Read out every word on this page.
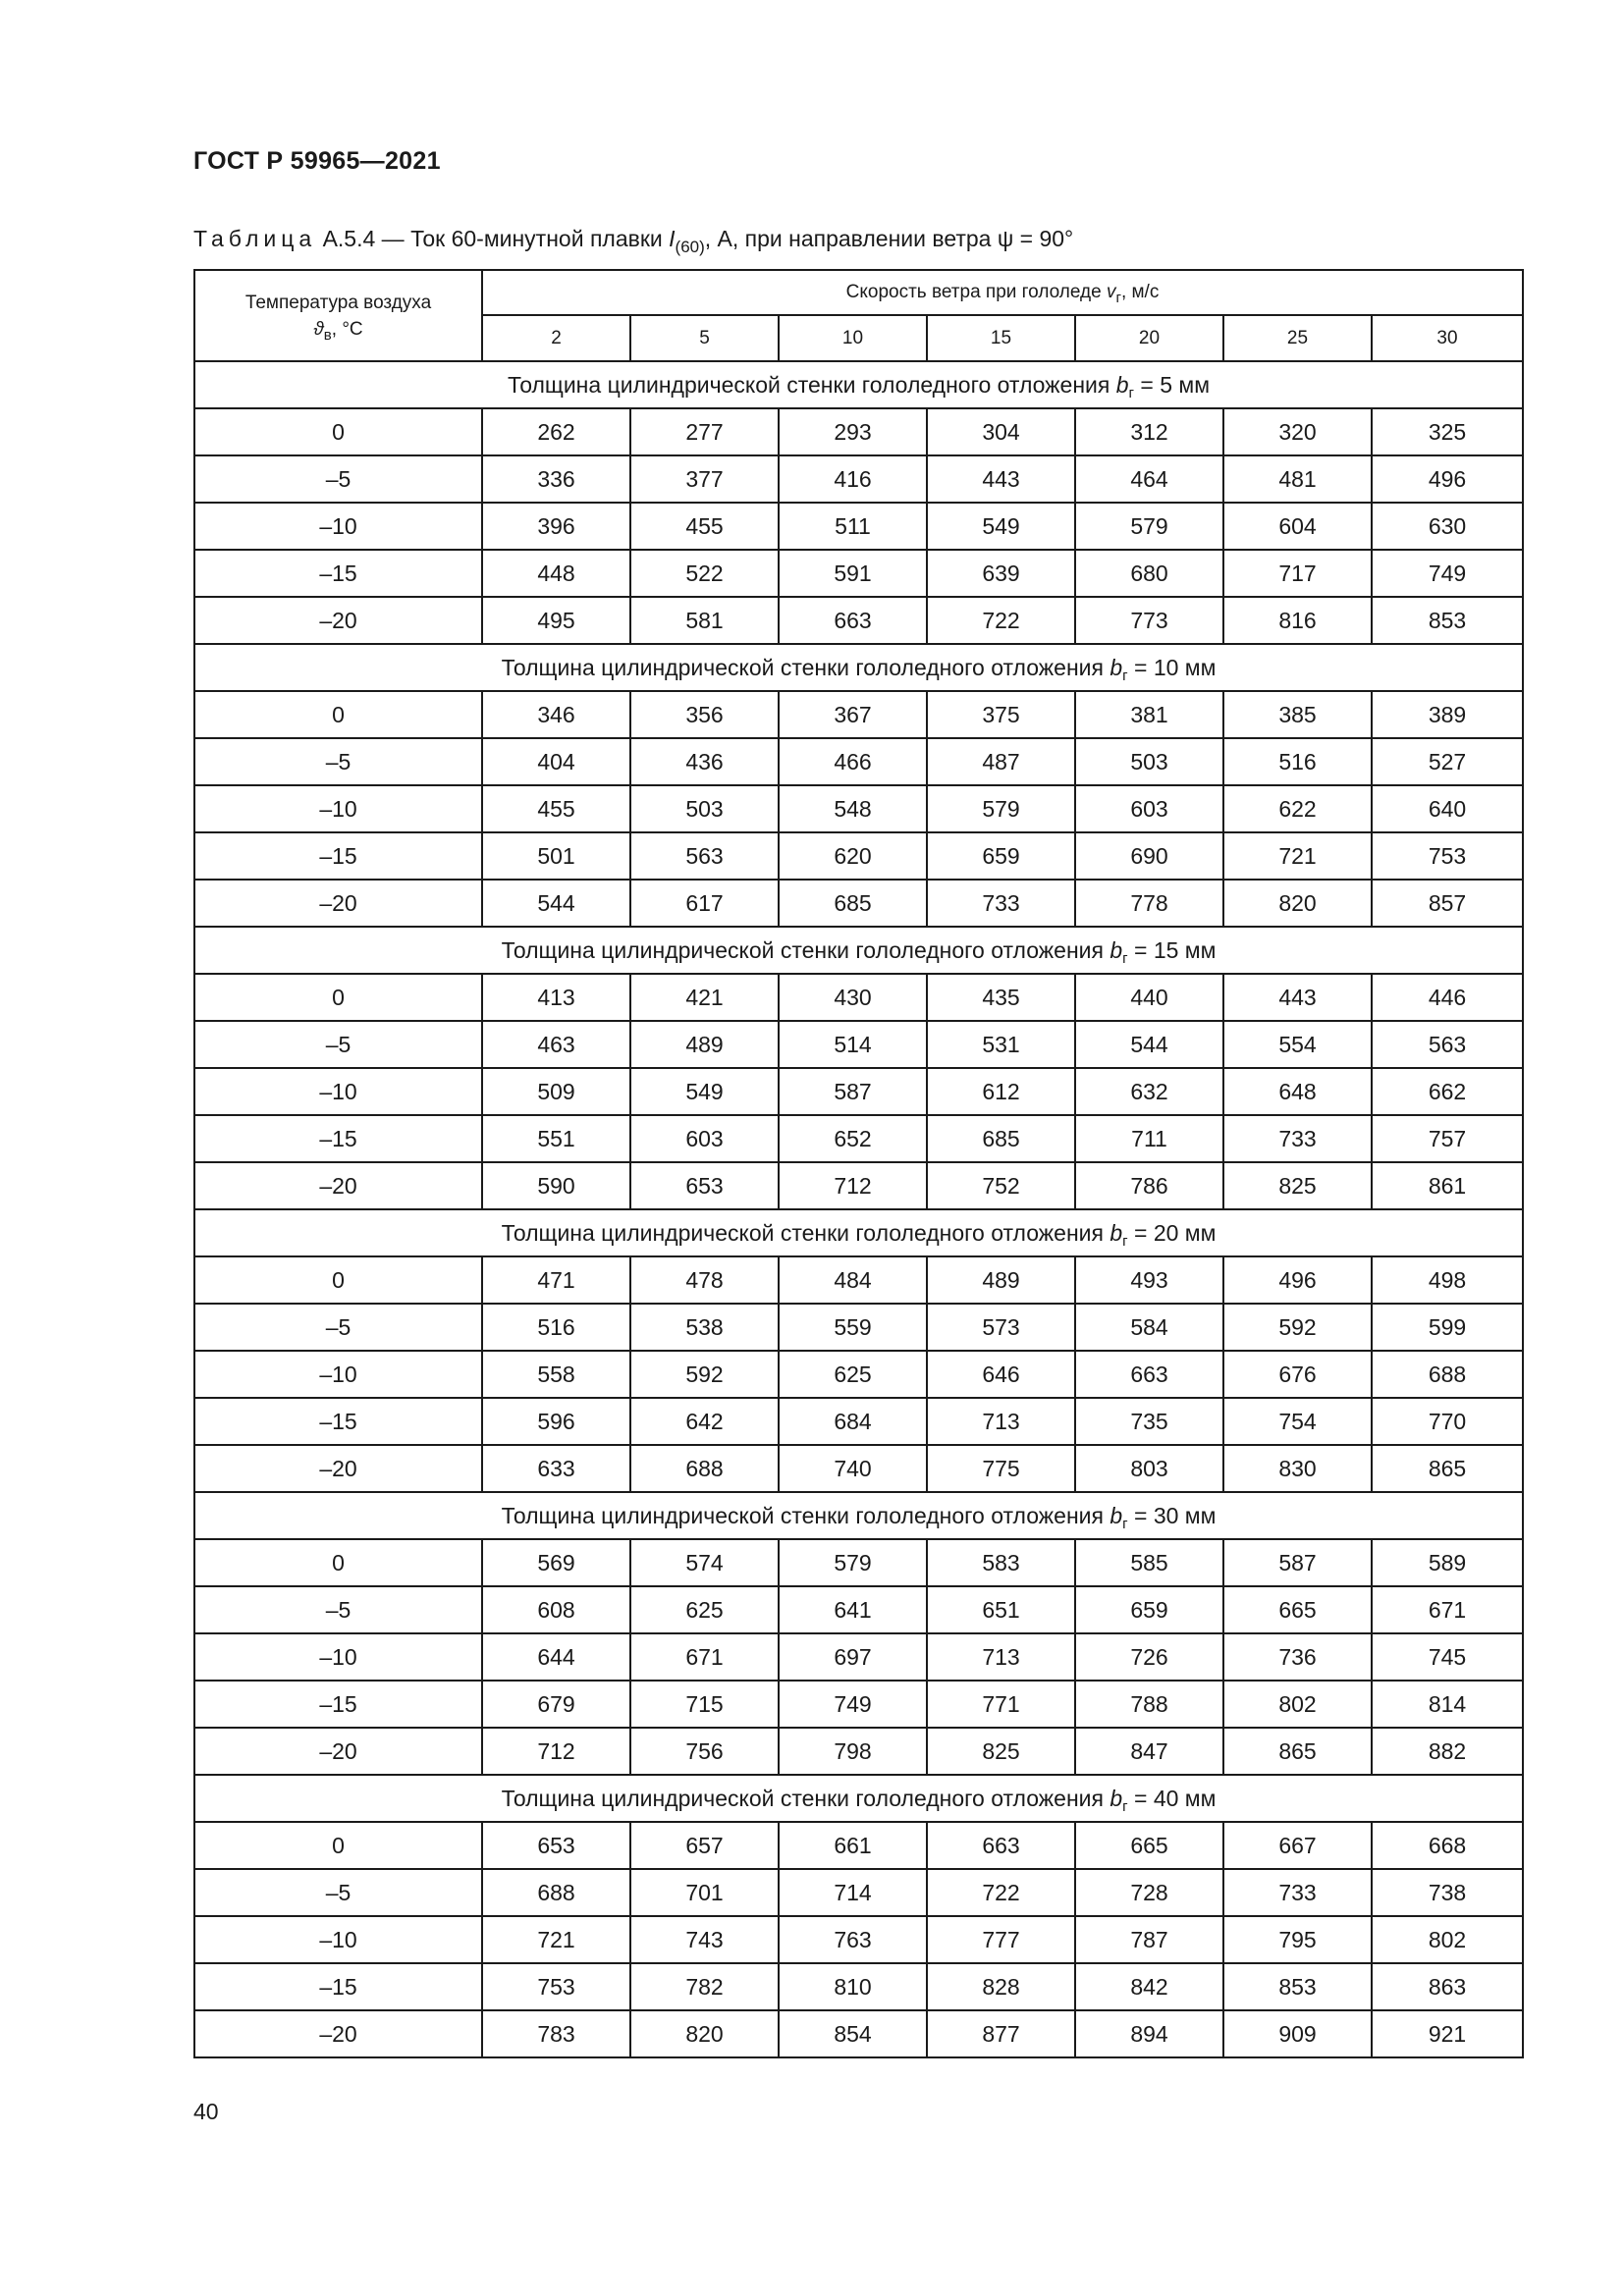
ГОСТ Р 59965—2021
Таблица A.5.4 — Ток 60-минутной плавки $I_{(60)}$, А, при направлении ветра ψ = 90°
Температура воздуха
$ϑ_в$, °С	Скорость ветра при гололеде $v_г$, м/с						
	2	5	10	15	20	25	30
Толщина цилиндрической стенки гололедного отложения $b_г = 5$ мм							
0	262	277	293	304	312	320	325
–5	336	377	416	443	464	481	496
–10	396	455	511	549	579	604	630
–15	448	522	591	639	680	717	749
–20	495	581	663	722	773	816	853
Толщина цилиндрической стенки гололедного отложения $b_г = 10$ мм							
0	346	356	367	375	381	385	389
–5	404	436	466	487	503	516	527
–10	455	503	548	579	603	622	640
–15	501	563	620	659	690	721	753
–20	544	617	685	733	778	820	857
Толщина цилиндрической стенки гололедного отложения $b_г = 15$ мм							
0	413	421	430	435	440	443	446
–5	463	489	514	531	544	554	563
–10	509	549	587	612	632	648	662
–15	551	603	652	685	711	733	757
–20	590	653	712	752	786	825	861
Толщина цилиндрической стенки гололедного отложения $b_г = 20$ мм							
0	471	478	484	489	493	496	498
–5	516	538	559	573	584	592	599
–10	558	592	625	646	663	676	688
–15	596	642	684	713	735	754	770
–20	633	688	740	775	803	830	865
Толщина цилиндрической стенки гололедного отложения $b_г = 30$ мм							
0	569	574	579	583	585	587	589
–5	608	625	641	651	659	665	671
–10	644	671	697	713	726	736	745
–15	679	715	749	771	788	802	814
–20	712	756	798	825	847	865	882
Толщина цилиндрической стенки гололедного отложения $b_г = 40$ мм							
0	653	657	661	663	665	667	668
–5	688	701	714	722	728	733	738
–10	721	743	763	777	787	795	802
–15	753	782	810	828	842	853	863
–20	783	820	854	877	894	909	921
40
